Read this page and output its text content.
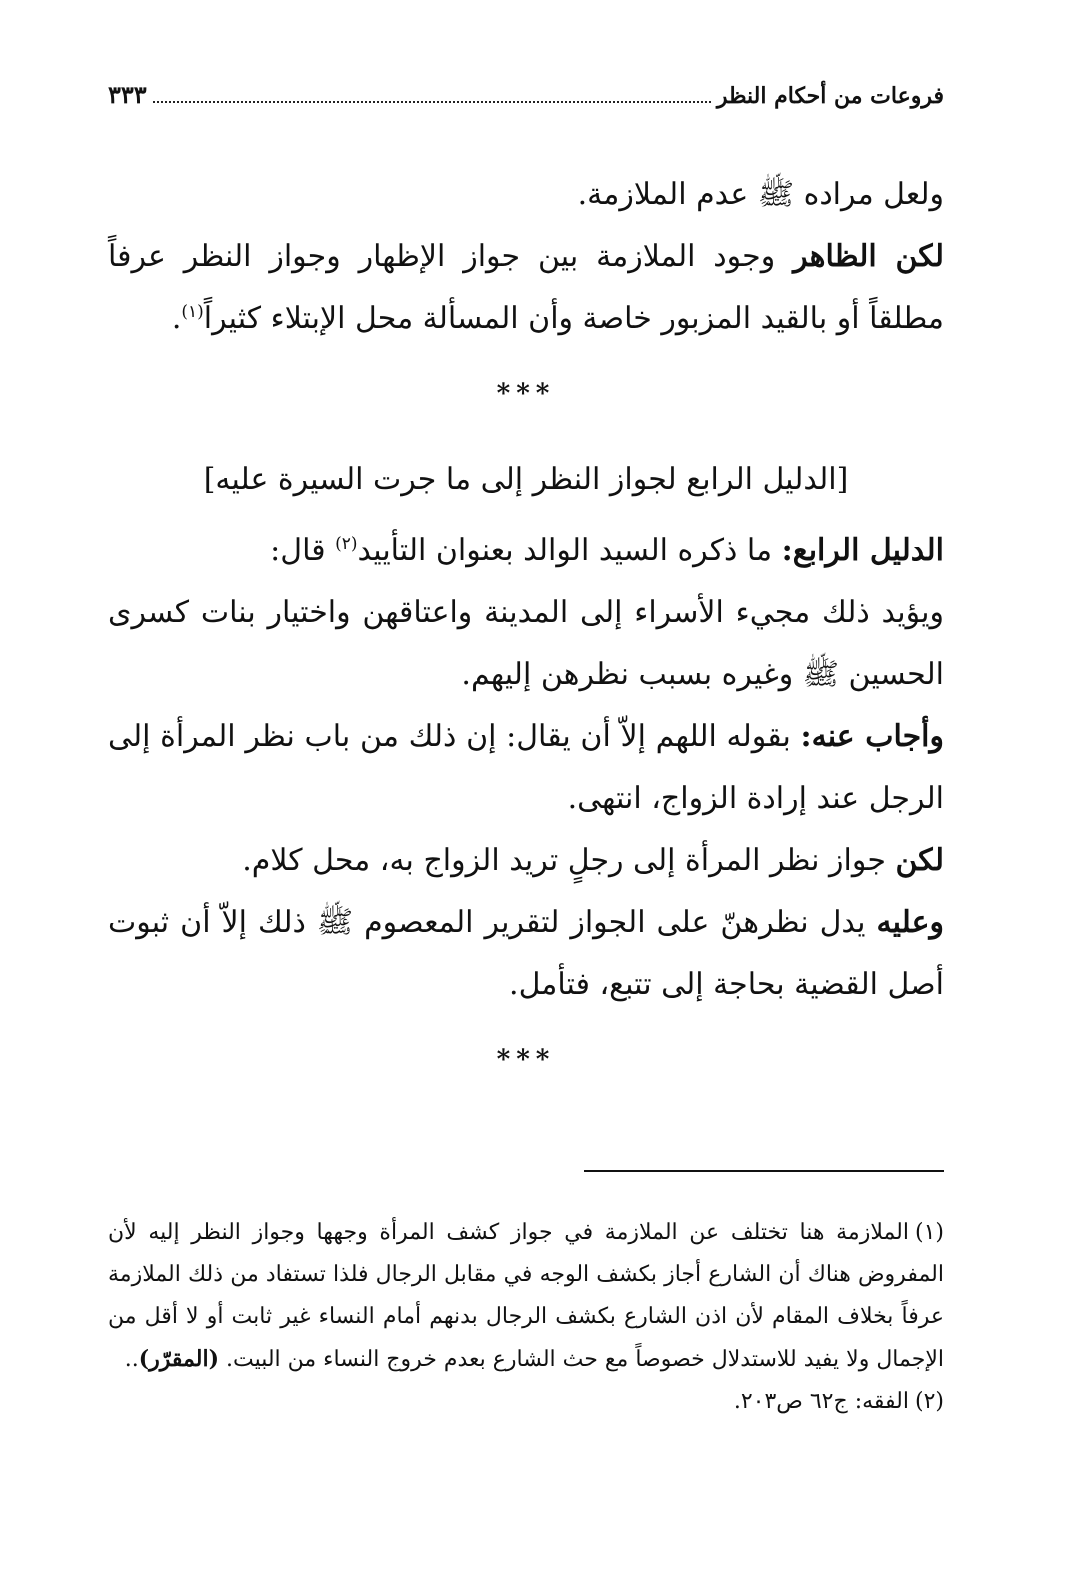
فروعات من أحكام النظر
٣٣٣

ولعل مراده ﷺ عدم الملازمة.

لكن الظاهر وجود الملازمة بين جواز الإظهار وجواز النظر عرفاً مطلقاً أو بالقيد المزبور خاصة وأن المسألة محل الإبتلاء كثيراً$^{(١)}$.

***
[الدليل الرابع لجواز النظر إلى ما جرت السيرة عليه]

الدليل الرابع: ما ذكره السيد الوالد بعنوان التأييد$^{(٢)}$ قال:

ويؤيد ذلك مجيء الأسراء إلى المدينة واعتاقهن واختيار بنات كسرى الحسين ﷺ وغيره بسبب نظرهن إليهم.

وأجاب عنه: بقوله اللهم إلاّ أن يقال: إن ذلك من باب نظر المرأة إلى الرجل عند إرادة الزواج، انتهى.

لكن جواز نظر المرأة إلى رجلٍ تريد الزواج به، محل كلام.

وعليه يدل نظرهنّ على الجواز لتقرير المعصوم ﷺ ذلك إلاّ أن ثبوت أصل القضية بحاجة إلى تتبع، فتأمل.

***

(١)الملازمة هنا تختلف عن الملازمة في جواز كشف المرأة وجهها وجواز النظر إليه لأن المفروض هناك أن الشارع أجاز بكشف الوجه في مقابل الرجال فلذا تستفاد من ذلك الملازمة عرفاً بخلاف المقام لأن اذن الشارع بكشف الرجال بدنهم أمام النساء غير ثابت أو لا أقل من الإجمال ولا يفيد للاستدلال خصوصاً مع حث الشارع بعدم خروج النساء من البيت. (المقرّر)..

(٢)الفقه: ج٦٢ ص٢٠٣.
